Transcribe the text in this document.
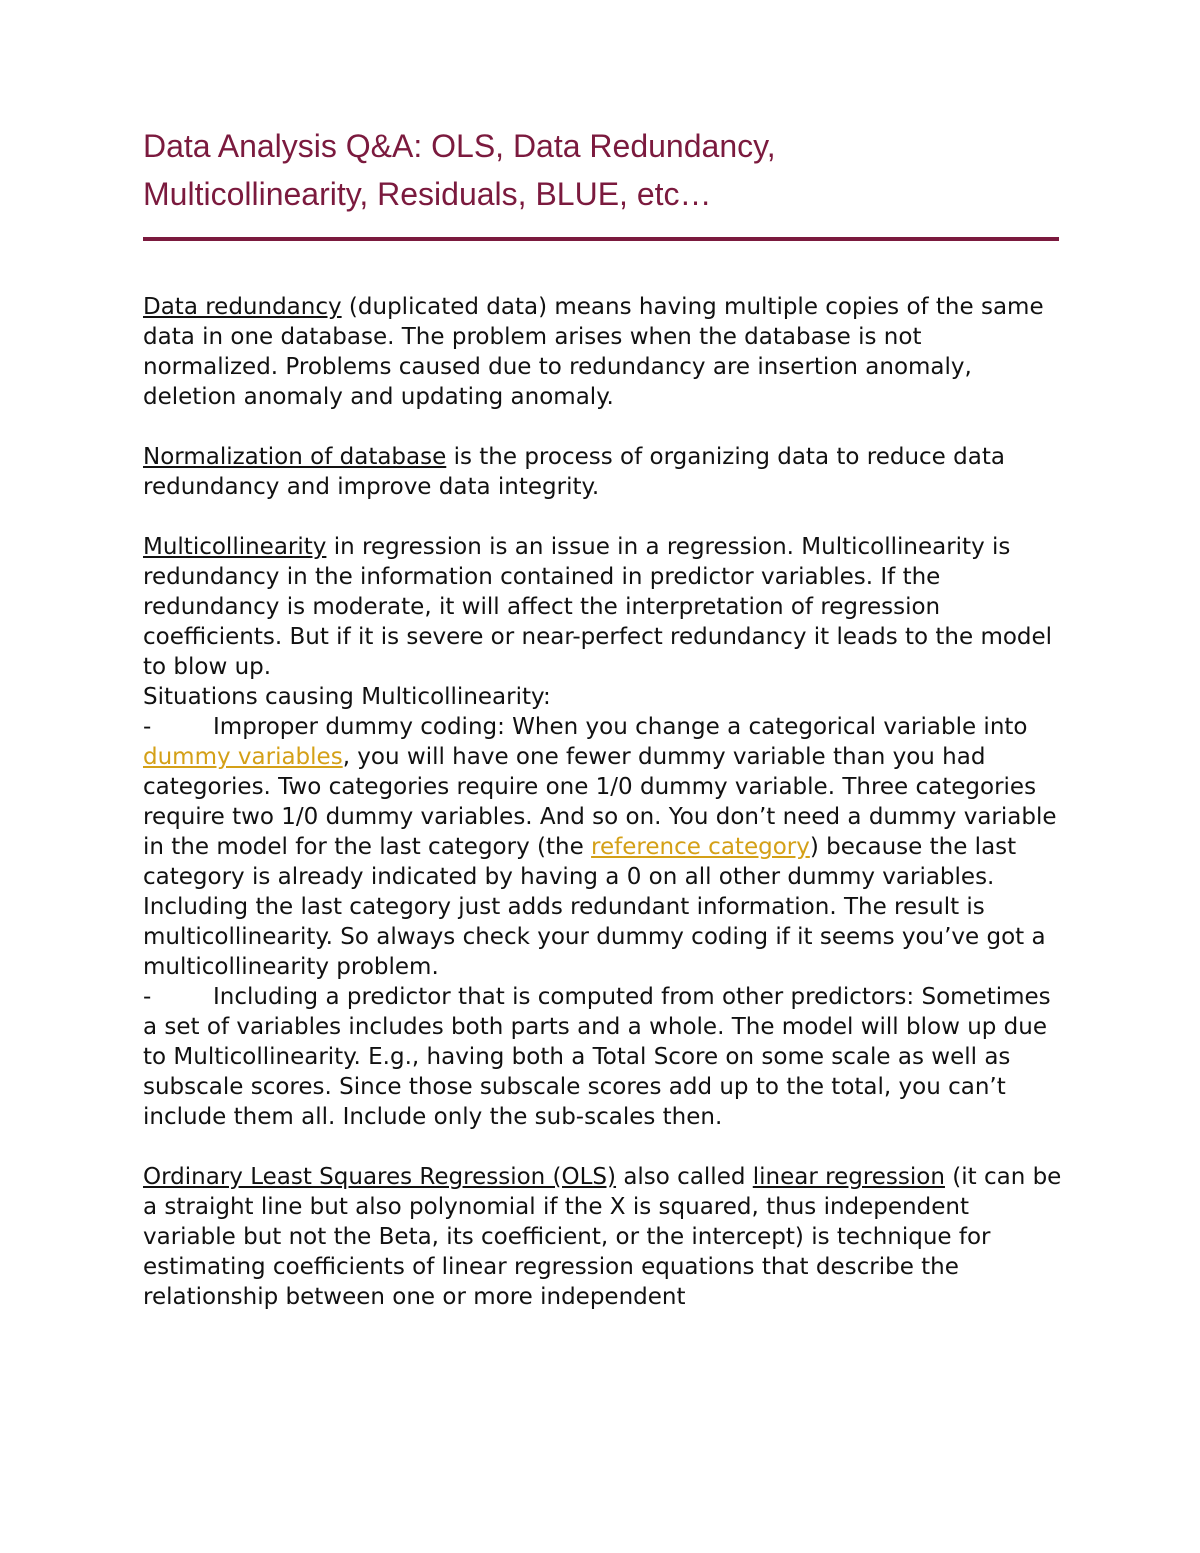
Data Analysis Q&A: OLS, Data Redundancy,
Multicollinearity, Residuals, BLUE, etc…

Data redundancy (duplicated data) means having multiple copies of the same data in one database. The problem arises when the database is not normalized. Problems caused due to redundancy are insertion anomaly, deletion anomaly and updating anomaly.

Normalization of database is the process of organizing data to reduce data redundancy and improve data integrity.

Multicollinearity in regression is an issue in a regression. Multicollinearity is redundancy in the information contained in predictor variables. If the redundancy is moderate, it will affect the interpretation of regression coefficients. But if it is severe or near-perfect redundancy it leads to the model to blow up.

Situations causing Multicollinearity:

-	Improper dummy coding: When you change a categorical variable into dummy variables, you will have one fewer dummy variable than you had categories. Two categories require one 1/0 dummy variable. Three categories require two 1/0 dummy variables. And so on. You don’t need a dummy variable in the model for the last category (the reference category) because the last category is already indicated by having a 0 on all other dummy variables. Including the last category just adds redundant information. The result is multicollinearity. So always check your dummy coding if it seems you’ve got a multicollinearity problem.

-	Including a predictor that is computed from other predictors: Sometimes a set of variables includes both parts and a whole. The model will blow up due to Multicollinearity. E.g., having both a Total Score on some scale as well as subscale scores. Since those subscale scores add up to the total, you can’t include them all. Include only the sub-scales then.

Ordinary Least Squares Regression (OLS) also called linear regression (it can be a straight line but also polynomial if the X is squared, thus independent variable but not the Beta, its coefficient, or the intercept) is technique for estimating coefficients of linear regression equations that describe the relationship between one or more independent
